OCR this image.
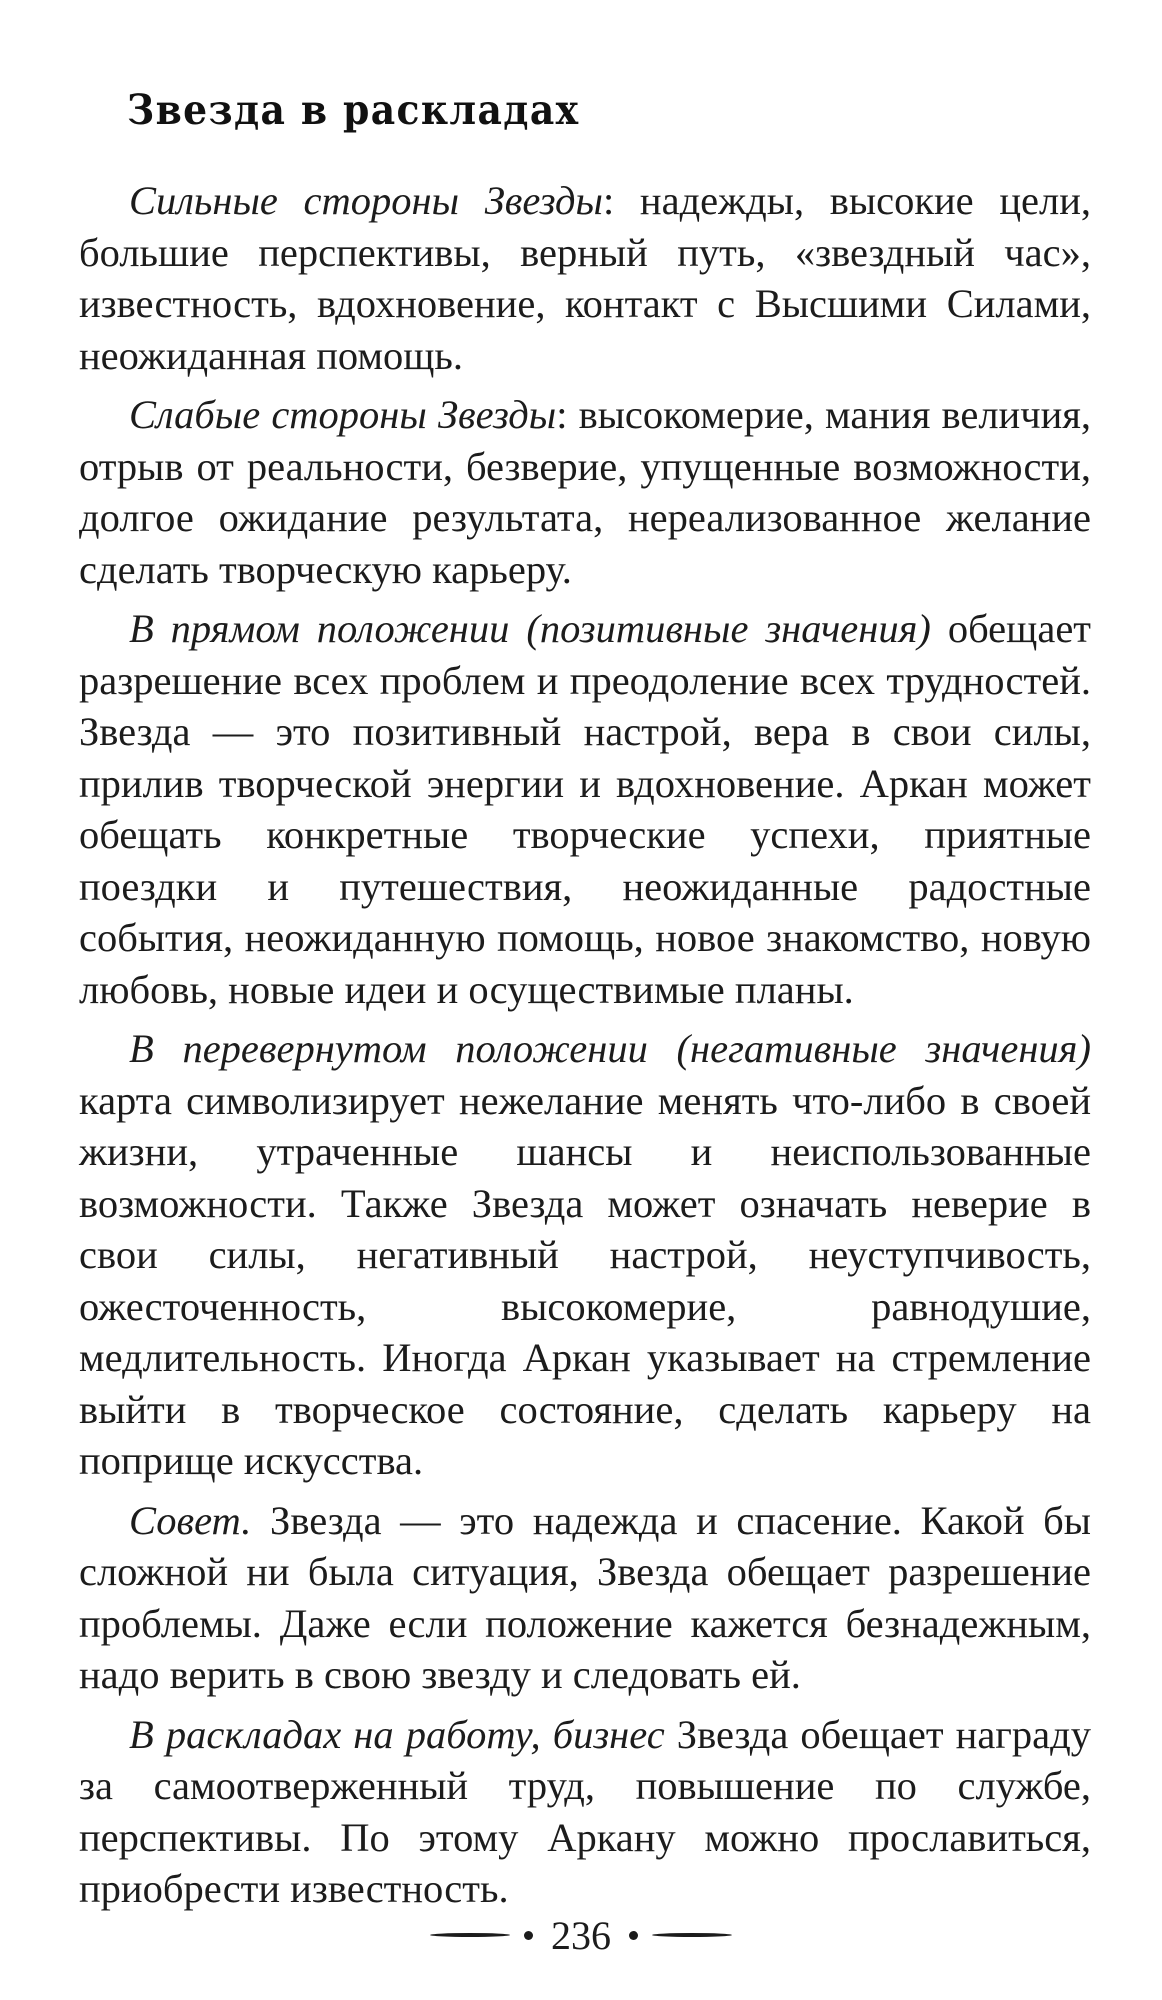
Звезда в раскладах

Сильные стороны Звезды: надежды, высокие цели, большие перспективы, верный путь, «звездный час», известность, вдохновение, контакт с Высшими Силами, неожиданная помощь.

Слабые стороны Звезды: высокомерие, мания величия, отрыв от реальности, безверие, упущенные возможности, долгое ожидание результата, нереализованное желание сделать творческую карьеру.

В прямом положении (позитивные значения) обещает разрешение всех проблем и преодоление всех трудностей. Звезда — это позитивный настрой, вера в свои силы, прилив творческой энергии и вдохновение. Аркан может обещать конкретные творческие успехи, приятные поездки и путешествия, неожиданные радостные события, неожиданную помощь, новое знакомство, новую любовь, новые идеи и осуществимые планы.

В перевернутом положении (негативные значения) карта символизирует нежелание менять что-либо в своей жизни, утраченные шансы и неиспользованные возможности. Также Звезда может означать неверие в свои силы, негативный настрой, неуступчивость, ожесточенность, высокомерие, равнодушие, медлительность. Иногда Аркан указывает на стремление выйти в творческое состояние, сделать карьеру на поприще искусства.

Совет. Звезда — это надежда и спасение. Какой бы сложной ни была ситуация, Звезда обещает разрешение проблемы. Даже если положение кажется безнадежным, надо верить в свою звезду и следовать ей.

В раскладах на работу, бизнес Звезда обещает награду за самоотверженный труд, повышение по службе, перспективы. По этому Аркану можно прославиться, приобрести известность.

236
